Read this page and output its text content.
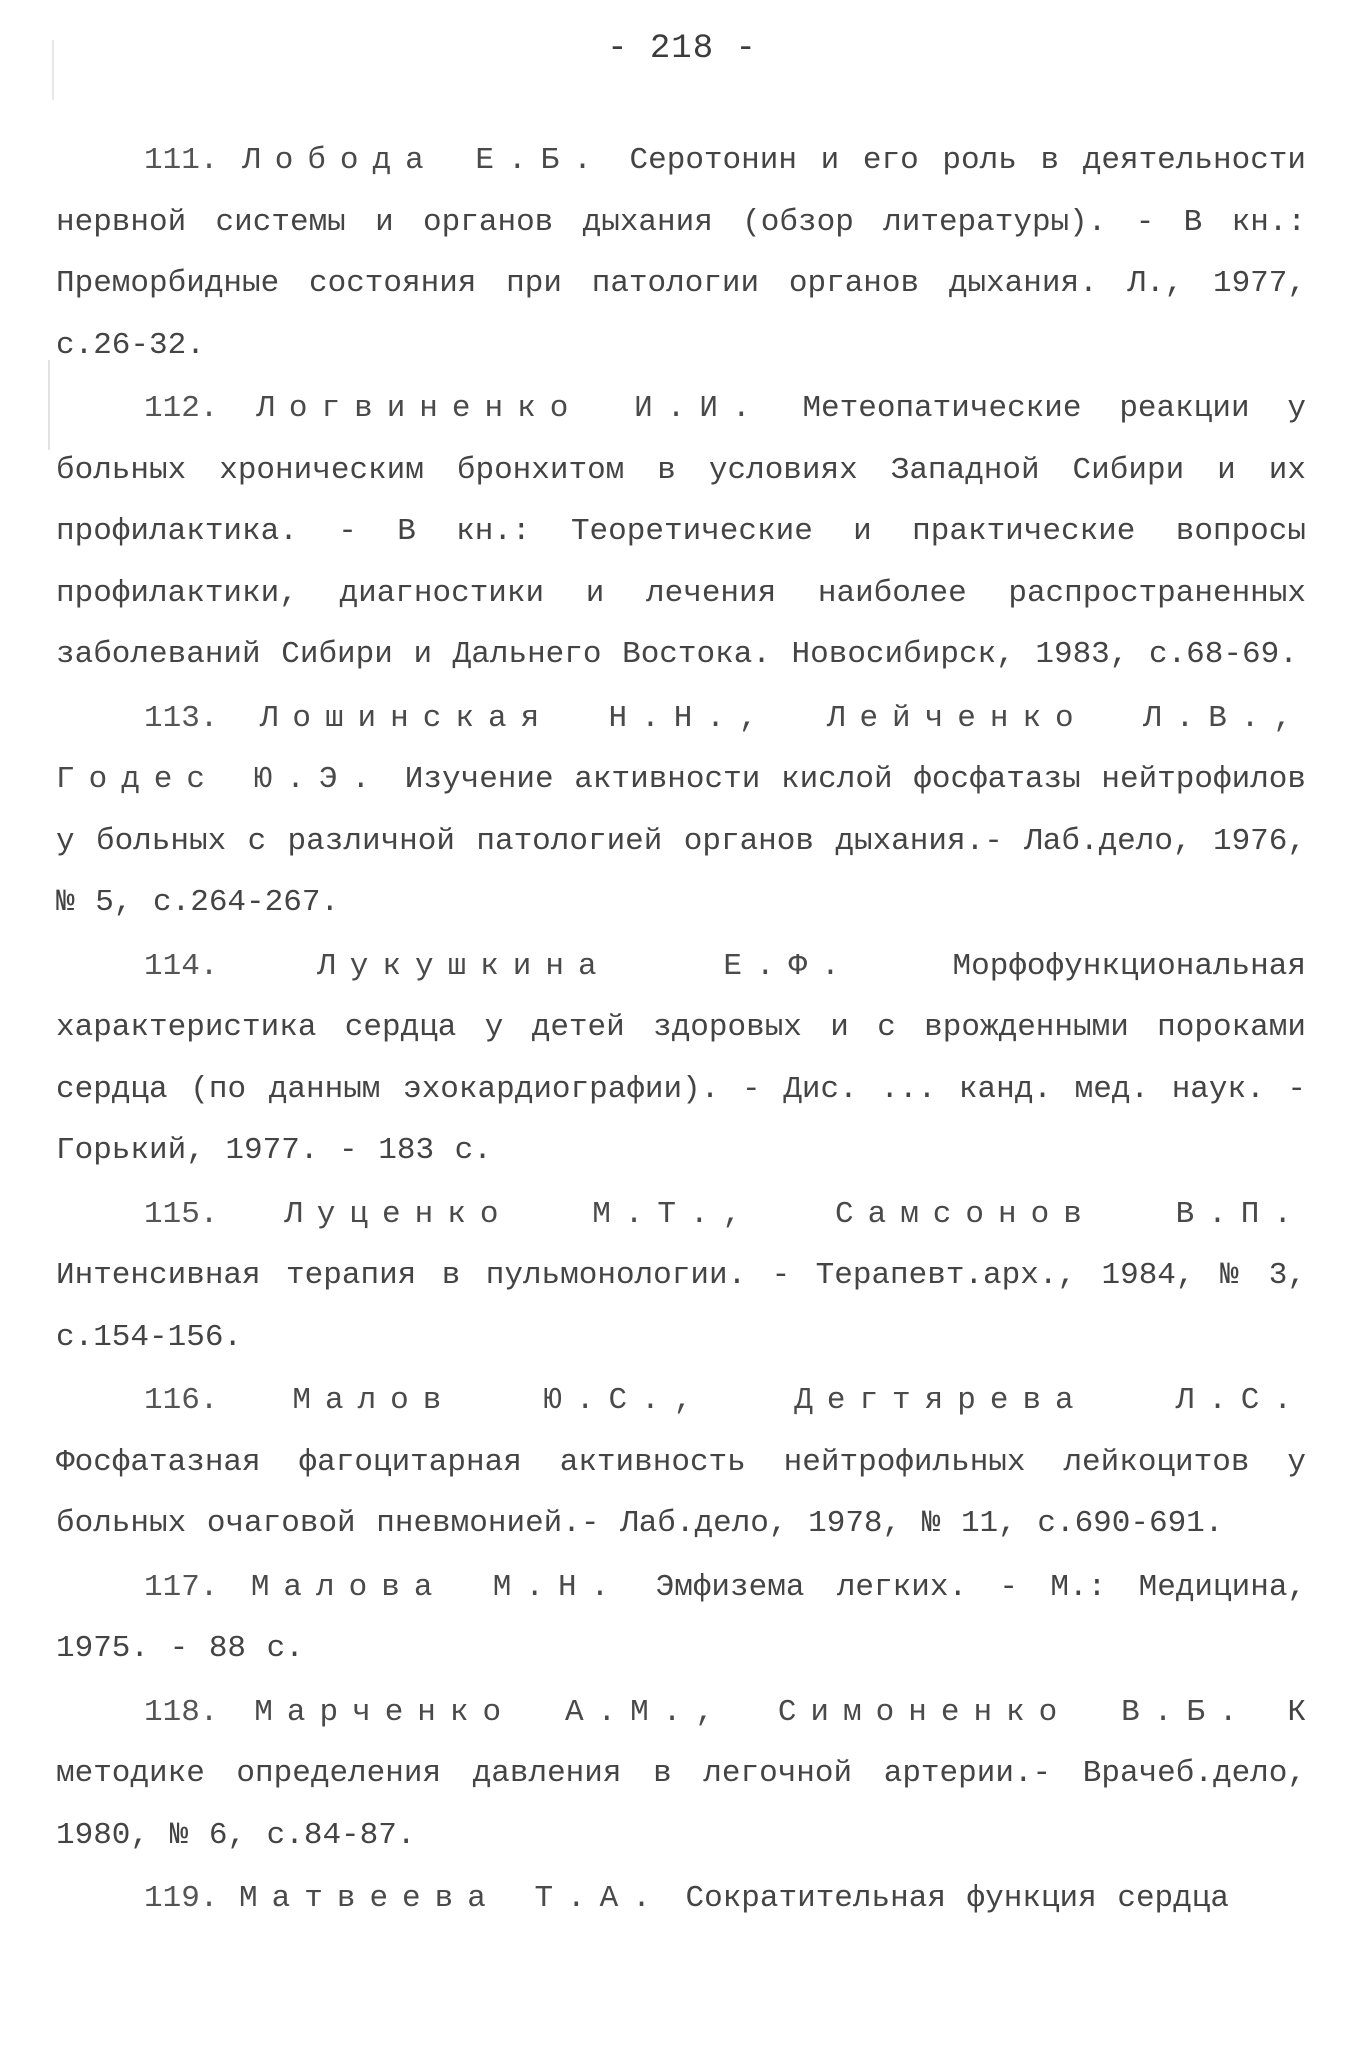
- 218 -

111. Лобода Е.Б. Серотонин и его роль в деятельности нервной системы и органов дыхания (обзор литературы). - В кн.: Преморбидные состояния при патологии органов дыхания. Л., 1977, с.26-32.

112. Логвиненко И.И. Метеопатические реакции у больных хроническим бронхитом в условиях Западной Сибири и их профилактика. - В кн.: Теоретические и практические вопросы профилактики, диагностики и лечения наиболее распространенных заболеваний Сибири и Дальнего Востока. Новосибирск, 1983, с.68-69.

113. Лошинская Н.Н., Лейченко Л.В., Годес Ю.Э. Изучение активности кислой фосфатазы нейтрофилов у больных с различной патологией органов дыхания.- Лаб.дело, 1976, № 5, с.264-267.

114.	Лукушкина Е.Ф.	Морфофункциональная характеристика сердца у детей здоровых и с врожденными пороками сердца (по данным эхокардиографии). - Дис. ... канд. мед. наук. - Горький, 1977. - 183 с.

115. Луценко М.Т., Самсонов В.П. Интенсивная терапия в пульмонологии. - Терапевт.арх., 1984, № 3, с.154-156.

116. Малов Ю.С., Дегтярева Л.С. Фосфатазная фагоцитарная активность нейтрофильных лейкоцитов у больных очаговой пневмонией.- Лаб.дело, 1978, № 11, с.690-691.

117. Малова М.Н. Эмфизема легких. - М.: Медицина, 1975. - 88 с.

118. Марченко А.М., Симоненко В.Б. К методике определения давления в легочной артерии.- Врачеб.дело, 1980, № 6, с.84-87.

119. Матвеева Т.А. Сократительная функция сердца
